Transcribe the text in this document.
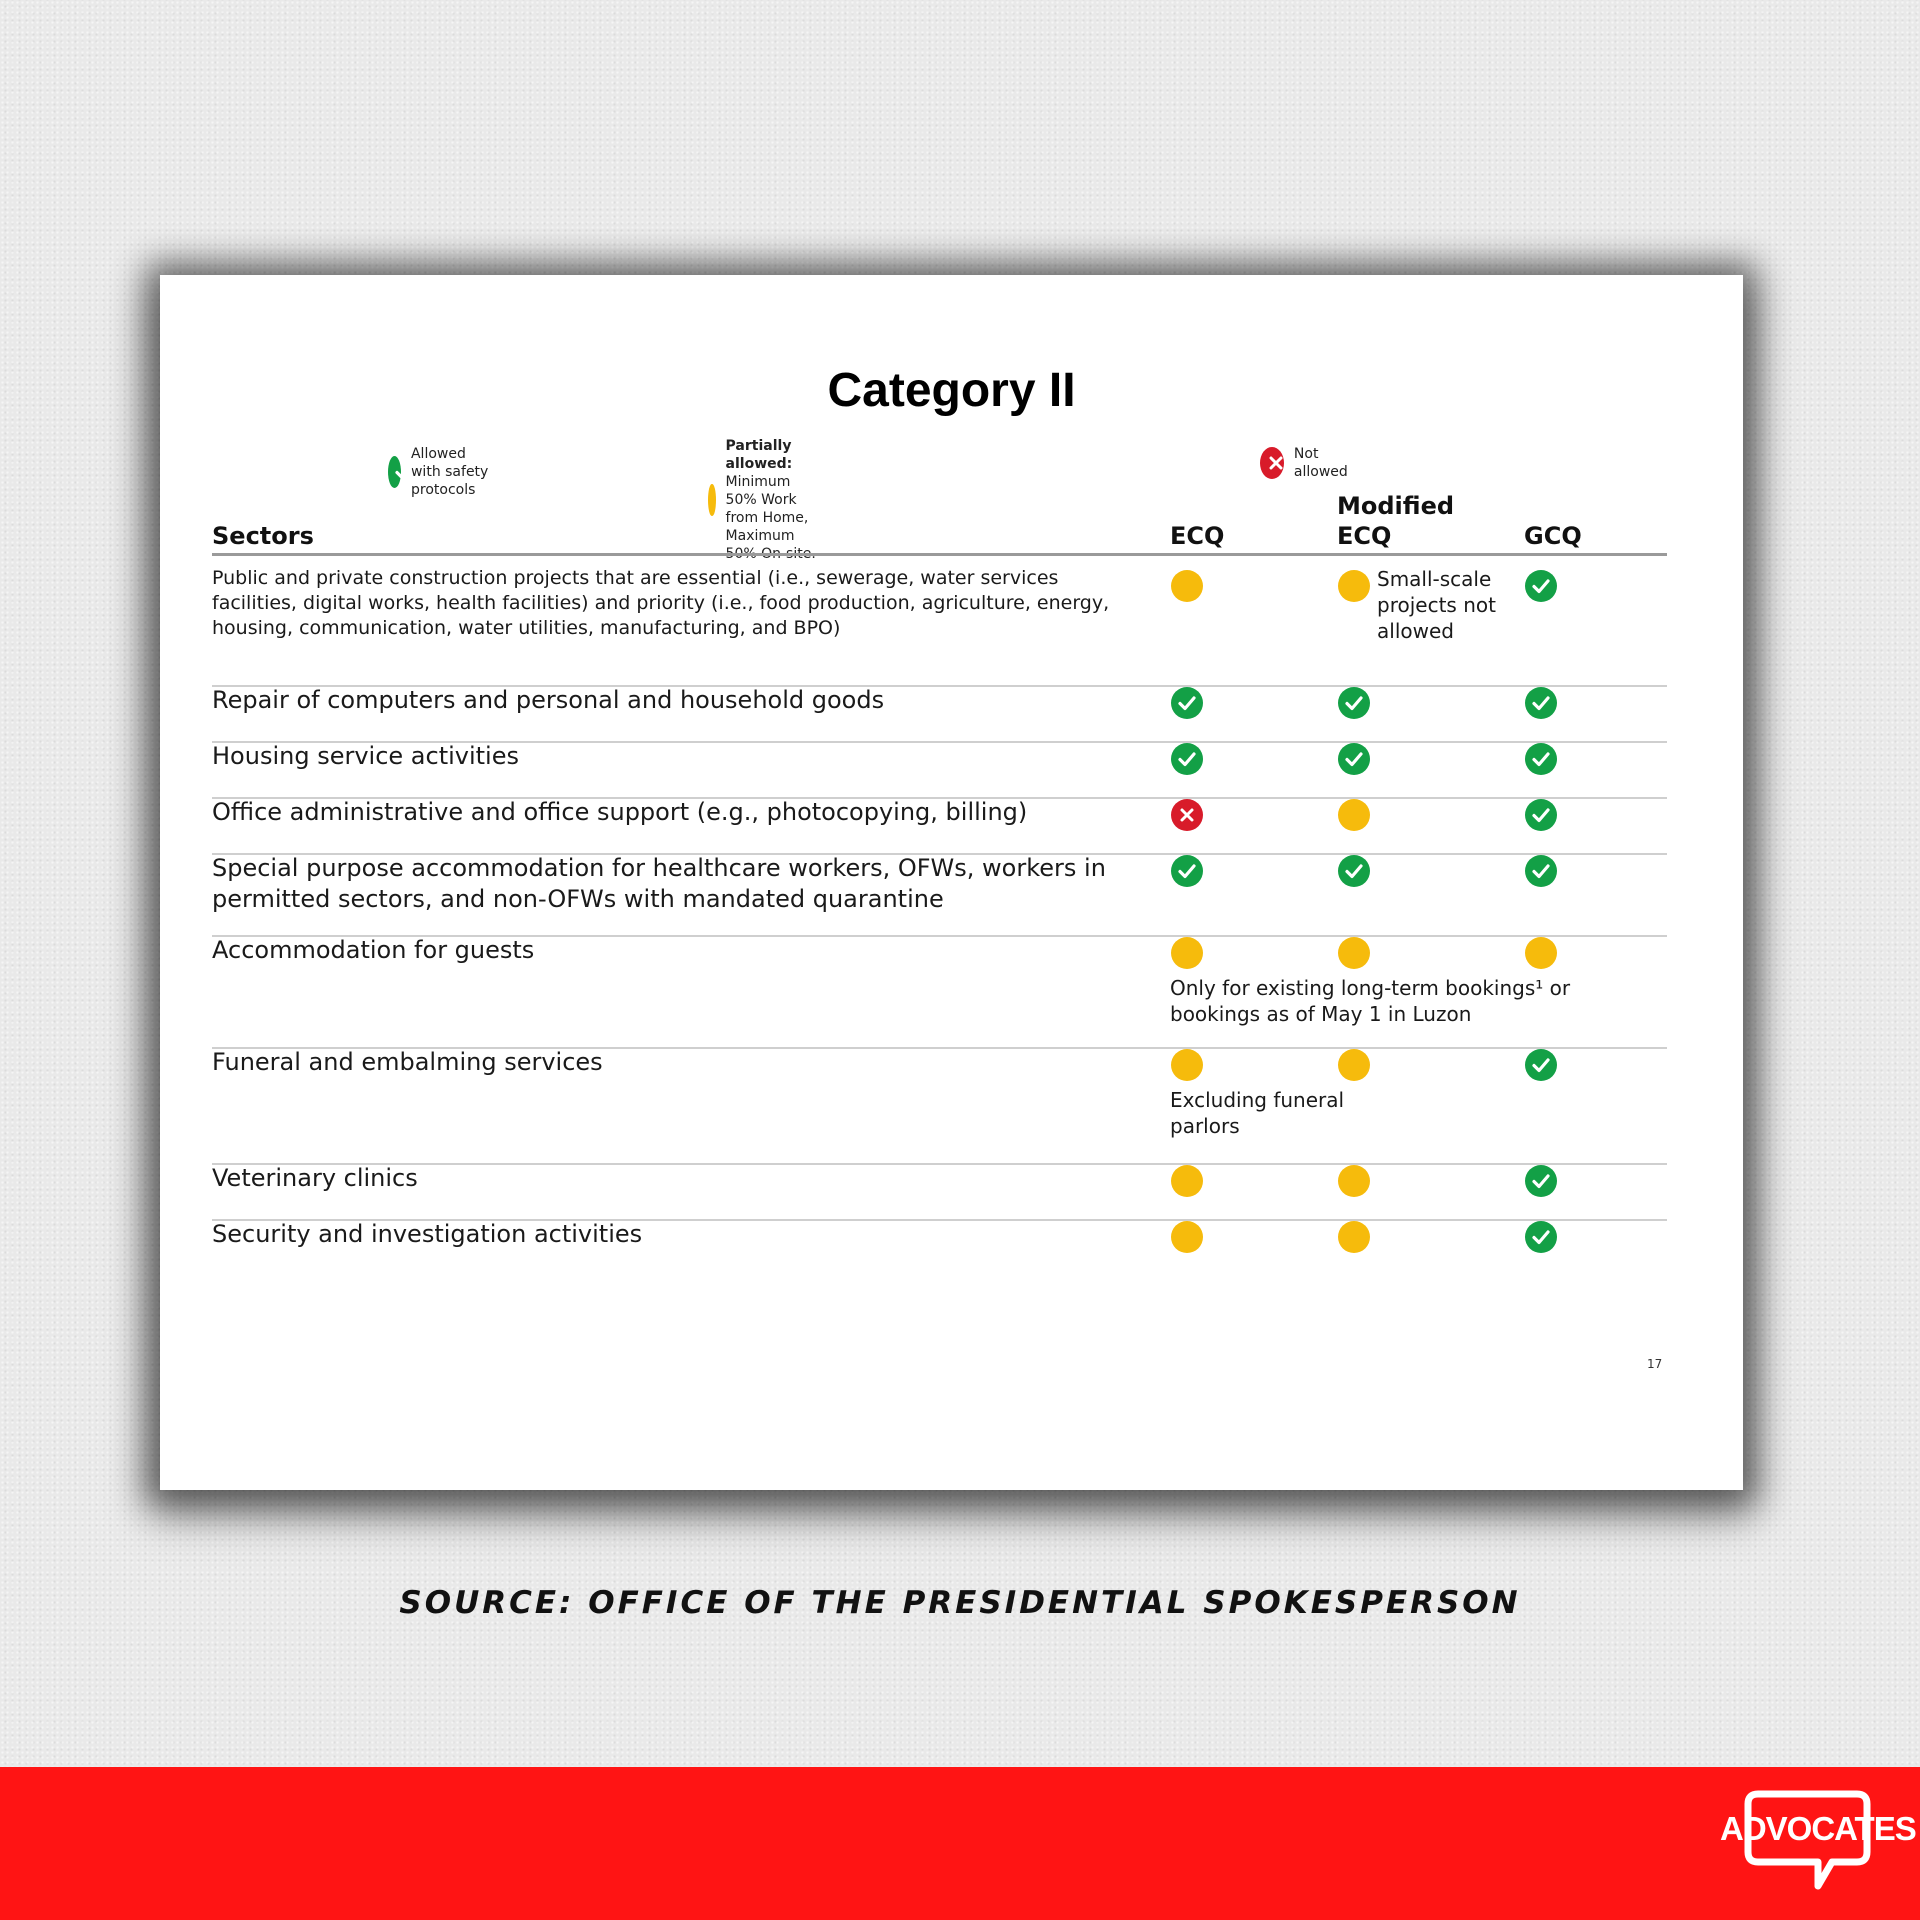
Category II
Allowed with safety protocols
Partially allowed:
Minimum 50% Work from Home, Maximum 50% On-site.
Not allowed
Sectors	ECQ
Modified
ECQ	GCQ
Public and private construction projects that are essential (i.e., sewerage, water services facilities, digital works, health facilities) and priority (i.e., food production, agriculture, energy, housing, communication, water utilities, manufacturing, and BPO)
Small-scale projects not allowed
Repair of computers and personal and household goods
Housing service activities
Office administrative and office support (e.g., photocopying, billing)
Special purpose accommodation for healthcare workers, OFWs, workers in permitted sectors, and non-OFWs with mandated quarantine
Accommodation for guests
Only for existing long-term bookings¹ or bookings as of May 1 in Luzon
Funeral and embalming services
Excluding funeral parlors
Veterinary clinics
Security and investigation activities
17
SOURCE: OFFICE OF THE PRESIDENTIAL SPOKESPERSON
ADVOCATES
